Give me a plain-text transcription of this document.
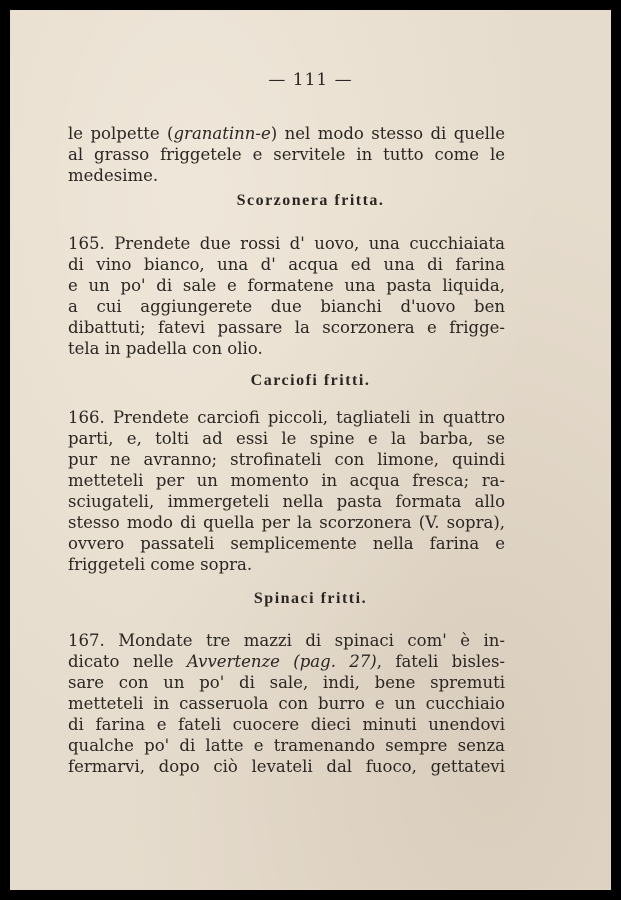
— 111 —
le polpette (granatinn-e) nel modo stesso di quelle
al grasso friggetele e servitele in tutto come le
medesime.
Scorzonera fritta.
165. Prendete due rossi d' uovo, una cucchiaiata
di vino bianco, una d' acqua ed una di farina
e un po' di sale e formatene una pasta liquida,
a cui aggiungerete due bianchi d'uovo ben
dibattuti; fatevi passare la scorzonera e frigge-
tela in padella con olio.
Carciofi fritti.
166. Prendete carciofi piccoli, tagliateli in quattro
parti, e, tolti ad essi le spine e la barba, se
pur ne avranno; strofinateli con limone, quindi
metteteli per un momento in acqua fresca; ra-
sciugateli, immergeteli nella pasta formata allo
stesso modo di quella per la scorzonera (V. sopra),
ovvero passateli semplicemente nella farina e
friggeteli come sopra.
Spinaci fritti.
167. Mondate tre mazzi di spinaci com' è in-
dicato nelle Avvertenze (pag. 27), fateli bisles-
sare con un po' di sale, indi, bene spremuti
metteteli in casseruola con burro e un cucchiaio
di farina e fateli cuocere dieci minuti unendovi
qualche po' di latte e tramenando sempre senza
fermarvi, dopo ciò levateli dal fuoco, gettatevi
